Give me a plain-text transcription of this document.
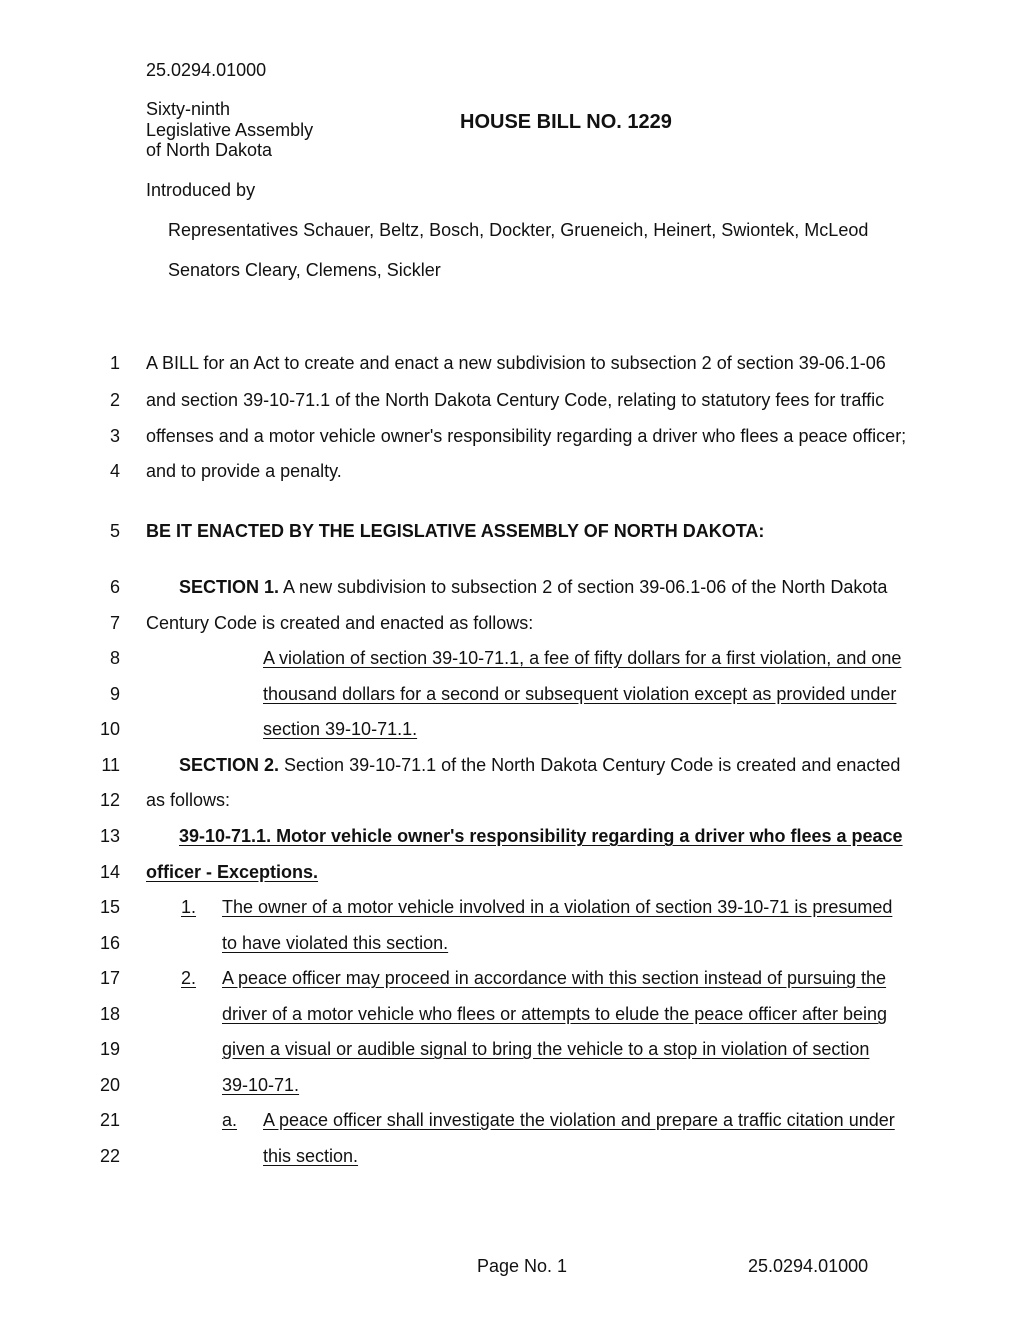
25.0294.01000
Sixty-ninth
Legislative Assembly
of North Dakota
HOUSE BILL NO. 1229
Introduced by
Representatives Schauer, Beltz, Bosch, Dockter, Grueneich, Heinert, Swiontek, McLeod
Senators Cleary, Clemens, Sickler
1
2
3
4
5
6
7
8
9
10
11
12
13
14
15
16
17
18
19
20
21
22
A BILL for an Act to create and enact a new subdivision to subsection 2 of section 39-06.1-06
and section 39-10-71.1 of the North Dakota Century Code, relating to statutory fees for traffic
offenses and a motor vehicle owner's responsibility regarding a driver who flees a peace officer;
and to provide a penalty.
BE IT ENACTED BY THE LEGISLATIVE ASSEMBLY OF NORTH DAKOTA:
SECTION 1. A new subdivision to subsection 2 of section 39-06.1-06 of the North Dakota
Century Code is created and enacted as follows:
A violation of section 39-10-71.1, a fee of fifty dollars for a first violation, and one
thousand dollars for a second or subsequent violation except as provided under
section 39-10-71.1.
SECTION 2. Section 39-10-71.1 of the North Dakota Century Code is created and enacted
as follows:
39-10-71.1. Motor vehicle owner's responsibility regarding a driver who flees a peace
officer - Exceptions.
1. The owner of a motor vehicle involved in a violation of section 39-10-71 is presumed
to have violated this section.
2. A peace officer may proceed in accordance with this section instead of pursuing the
driver of a motor vehicle who flees or attempts to elude the peace officer after being
given a visual or audible signal to bring the vehicle to a stop in violation of section
39-10-71.
a. A peace officer shall investigate the violation and prepare a traffic citation under
this section.
Page No. 1	25.0294.01000
